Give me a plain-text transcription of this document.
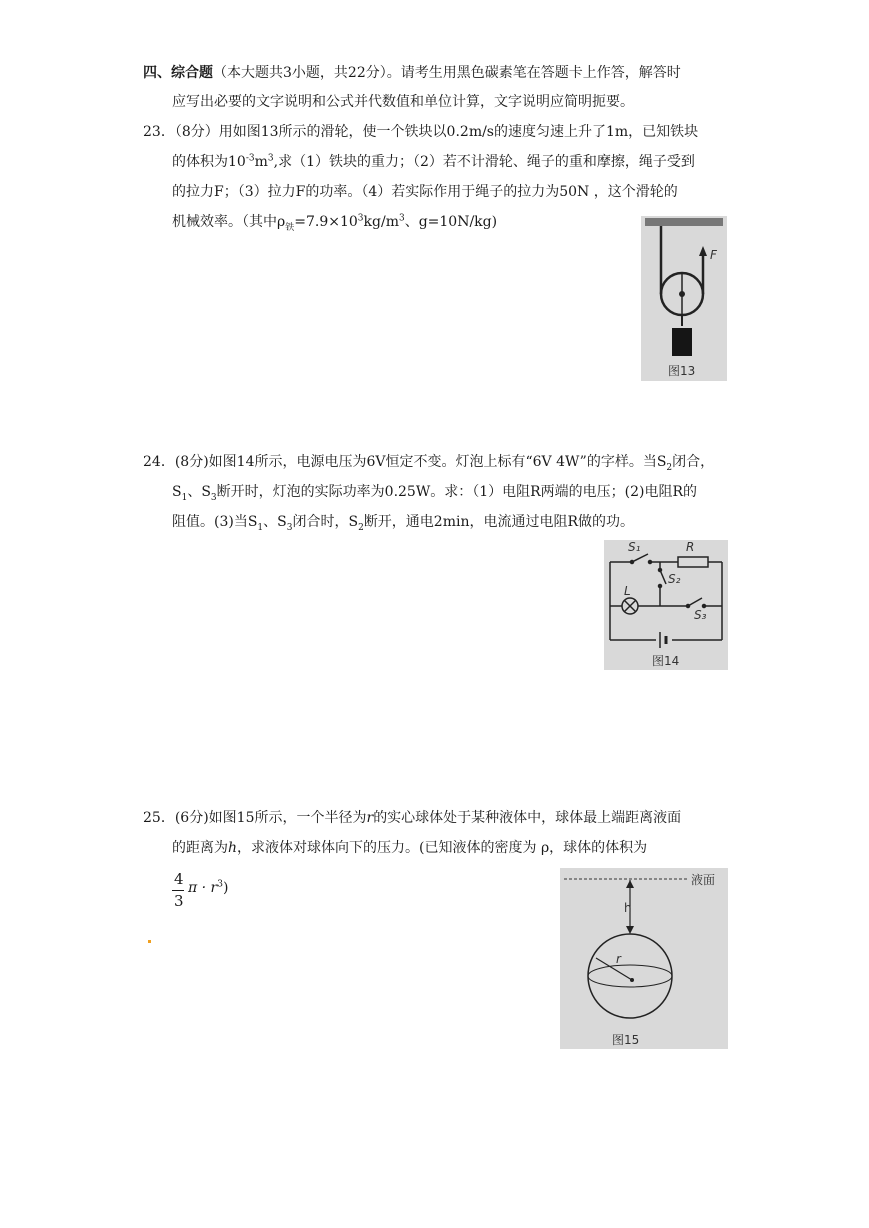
四、综合题（本大题共3小题，共22分）。请考生用黑色碳素笔在答题卡上作答，解答时
应写出必要的文字说明和公式并代数值和单位计算，文字说明应简明扼要。
23．（8分）用如图13所示的滑轮，使一个铁块以0.2m/s的速度匀速上升了1m，已知铁块
的体积为$10^{-3}m^3$,求（1）铁块的重力；（2）若不计滑轮、绳子的重和摩擦，绳子受到
的拉力F；（3）拉力F的功率。（4）若实际作用于绳子的拉力为50N ，这个滑轮的
机械效率。（其中$\rho_铁=7.9\times 10^3kg/m^3$、g=10N/kg)
F
图13
24．(8分)如图14所示，电源电压为6V恒定不变。灯泡上标有“6V 4W”的字样。当$S_2$闭合，
$S_1$、$S_3$断开时，灯泡的实际功率为0.25W。求：（1）电阻R两端的电压；(2)电阻R的
阻值。(3)当$S_1$、$S_3$闭合时，$S_2$断开，通电2min，电流通过电阻R做的功。
S₁	R
S₂
L
S₃
图14
25．(6分)如图15所示，一个半径为r的实心球体处于某种液体中，球体最上端距离液面
的距离为h，求液体对球体向下的压力。(已知液体的密度为 ρ，球体的体积为
4
3
$\pi \cdot r^3$)	液面
h
r
图15
